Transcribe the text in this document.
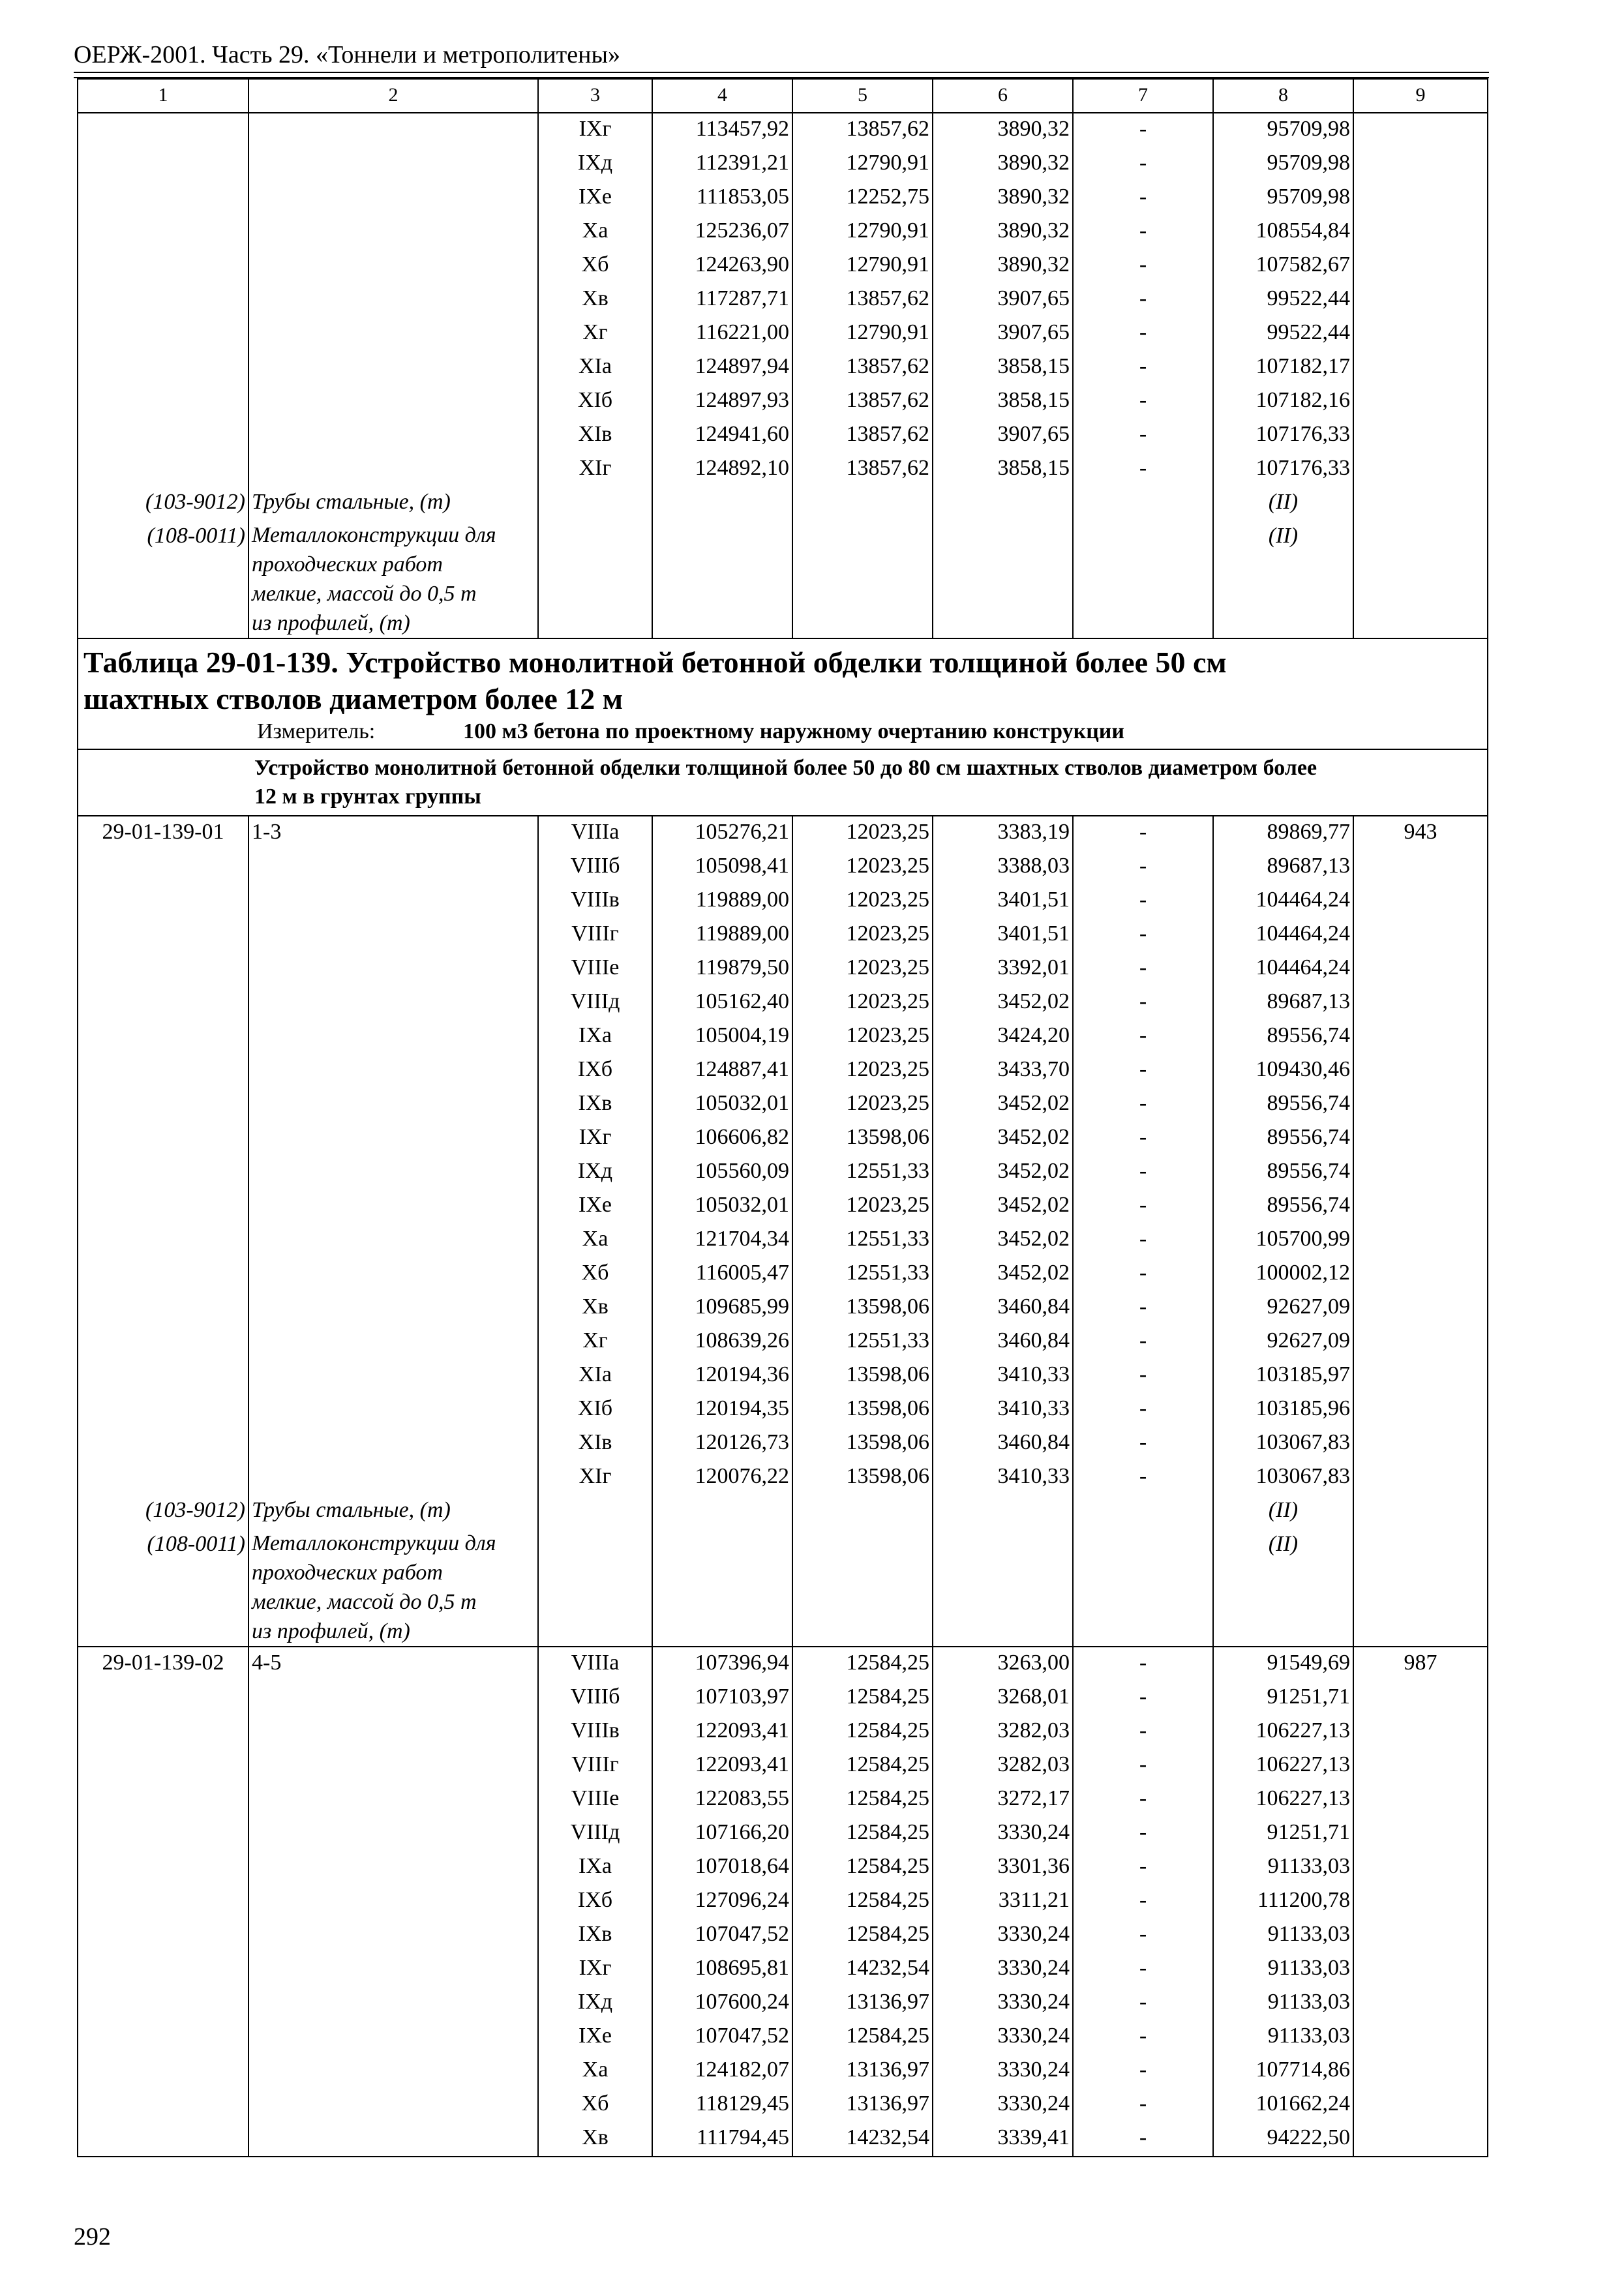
ОЕРЖ-2001. Часть 29. «Тоннели и метрополитены»
1	2	3	4	5	6	7	8	9
		IXг	113457,92	13857,62	3890,32	-	95709,98	
		IXд	112391,21	12790,91	3890,32	-	95709,98	
		IXе	111853,05	12252,75	3890,32	-	95709,98	
		Xа	125236,07	12790,91	3890,32	-	108554,84	
		Xб	124263,90	12790,91	3890,32	-	107582,67	
		Xв	117287,71	13857,62	3907,65	-	99522,44	
		Xг	116221,00	12790,91	3907,65	-	99522,44	
		XIа	124897,94	13857,62	3858,15	-	107182,17	
		XIб	124897,93	13857,62	3858,15	-	107182,16	
		XIв	124941,60	13857,62	3907,65	-	107176,33	
		XIг	124892,10	13857,62	3858,15	-	107176,33	
(103-9012)	Трубы стальные, (т)						(II)	
(108-0011)	Металлоконструкции для
проходческих работ
мелкие, массой до 0,5 т
из профилей, (т)						(II)	

Таблица 29-01-139. Устройство монолитной бетонной обделки толщиной более 50 см
шахтных стволов диаметром более 12 м								

Измеритель: 100 м3 бетона по проектному наружному очертанию конструкции								

Устройство монолитной бетонной обделки толщиной более 50 до 80 см шахтных стволов диаметром более
12 м в грунтах группы								

29-01-139-01	1-3	VIIIа	105276,21	12023,25	3383,19	-	89869,77	943
		VIIIб	105098,41	12023,25	3388,03	-	89687,13	
		VIIIв	119889,00	12023,25	3401,51	-	104464,24	
		VIIIг	119889,00	12023,25	3401,51	-	104464,24	
		VIIIе	119879,50	12023,25	3392,01	-	104464,24	
		VIIIд	105162,40	12023,25	3452,02	-	89687,13	
		IXа	105004,19	12023,25	3424,20	-	89556,74	
		IXб	124887,41	12023,25	3433,70	-	109430,46	
		IXв	105032,01	12023,25	3452,02	-	89556,74	
		IXг	106606,82	13598,06	3452,02	-	89556,74	
		IXд	105560,09	12551,33	3452,02	-	89556,74	
		IXе	105032,01	12023,25	3452,02	-	89556,74	
		Xа	121704,34	12551,33	3452,02	-	105700,99	
		Xб	116005,47	12551,33	3452,02	-	100002,12	
		Xв	109685,99	13598,06	3460,84	-	92627,09	
		Xг	108639,26	12551,33	3460,84	-	92627,09	
		XIа	120194,36	13598,06	3410,33	-	103185,97	
		XIб	120194,35	13598,06	3410,33	-	103185,96	
		XIв	120126,73	13598,06	3460,84	-	103067,83	
		XIг	120076,22	13598,06	3410,33	-	103067,83	
(103-9012)	Трубы стальные, (т)						(II)	
(108-0011)	Металлоконструкции для
проходческих работ
мелкие, массой до 0,5 т
из профилей, (т)						(II)	
29-01-139-02	4-5	VIIIа	107396,94	12584,25	3263,00	-	91549,69	987
		VIIIб	107103,97	12584,25	3268,01	-	91251,71	
		VIIIв	122093,41	12584,25	3282,03	-	106227,13	
		VIIIг	122093,41	12584,25	3282,03	-	106227,13	
		VIIIе	122083,55	12584,25	3272,17	-	106227,13	
		VIIIд	107166,20	12584,25	3330,24	-	91251,71	
		IXа	107018,64	12584,25	3301,36	-	91133,03	
		IXб	127096,24	12584,25	3311,21	-	111200,78	
		IXв	107047,52	12584,25	3330,24	-	91133,03	
		IXг	108695,81	14232,54	3330,24	-	91133,03	
		IXд	107600,24	13136,97	3330,24	-	91133,03	
		IXе	107047,52	12584,25	3330,24	-	91133,03	
		Xа	124182,07	13136,97	3330,24	-	107714,86	
		Xб	118129,45	13136,97	3330,24	-	101662,24	
		Xв	111794,45	14232,54	3339,41	-	94222,50	
292
